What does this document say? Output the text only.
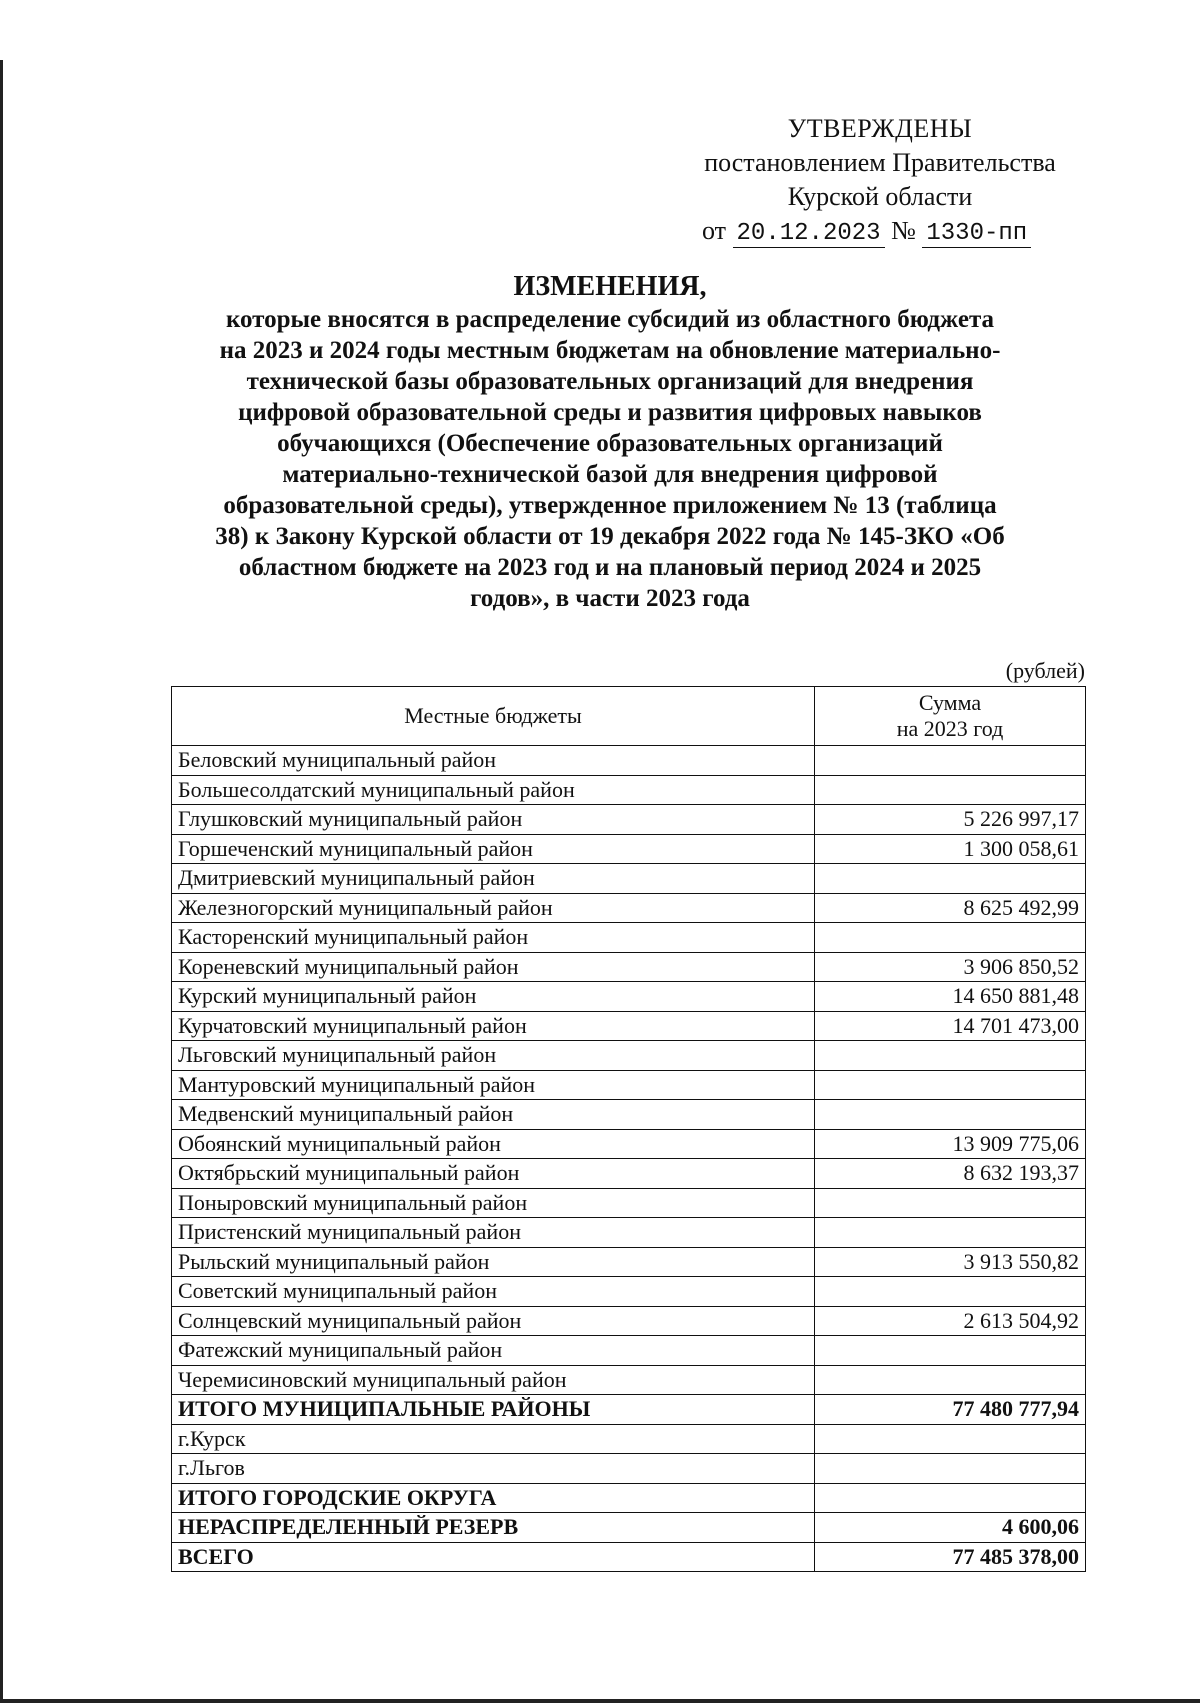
УТВЕРЖДЕНЫ
постановлением Правительства
Курской области
от 20.12.2023 № 1330-пп
ИЗМЕНЕНИЯ,
которые вносятся в распределение субсидий из областного бюджета
на 2023 и 2024 годы местным бюджетам на обновление материально-
технической базы образовательных организаций для внедрения
цифровой образовательной среды и развития цифровых навыков
обучающихся (Обеспечение образовательных организаций
материально-технической базой для внедрения цифровой
образовательной среды), утвержденное приложением № 13 (таблица
38) к Закону Курской области от 19 декабря 2022 года № 145-ЗКО «Об
областном бюджете на 2023 год и на плановый период 2024 и 2025
годов», в части 2023 года
(рублей)
Местные бюджеты	Сумма
на 2023 год

Беловский муниципальный район	
Большесолдатский муниципальный район	
Глушковский муниципальный район	5 226 997,17
Горшеченский муниципальный район	1 300 058,61
Дмитриевский муниципальный район	
Железногорский муниципальный район	8 625 492,99
Касторенский муниципальный район	
Кореневский муниципальный район	3 906 850,52
Курский муниципальный район	14 650 881,48
Курчатовский муниципальный район	14 701 473,00
Льговский муниципальный район	
Мантуровский муниципальный район	
Медвенский муниципальный район	
Обоянский муниципальный район	13 909 775,06
Октябрьский муниципальный район	8 632 193,37
Поныровский муниципальный район	
Пристенский муниципальный район	
Рыльский муниципальный район	3 913 550,82
Советский муниципальный район	
Солнцевский муниципальный район	2 613 504,92
Фатежский муниципальный район	
Черемисиновский муниципальный район	
ИТОГО МУНИЦИПАЛЬНЫЕ РАЙОНЫ	77 480 777,94
г.Курск	
г.Льгов	
ИТОГО ГОРОДСКИЕ ОКРУГА	
НЕРАСПРЕДЕЛЕННЫЙ РЕЗЕРВ	4 600,06
ВСЕГО	77 485 378,00
